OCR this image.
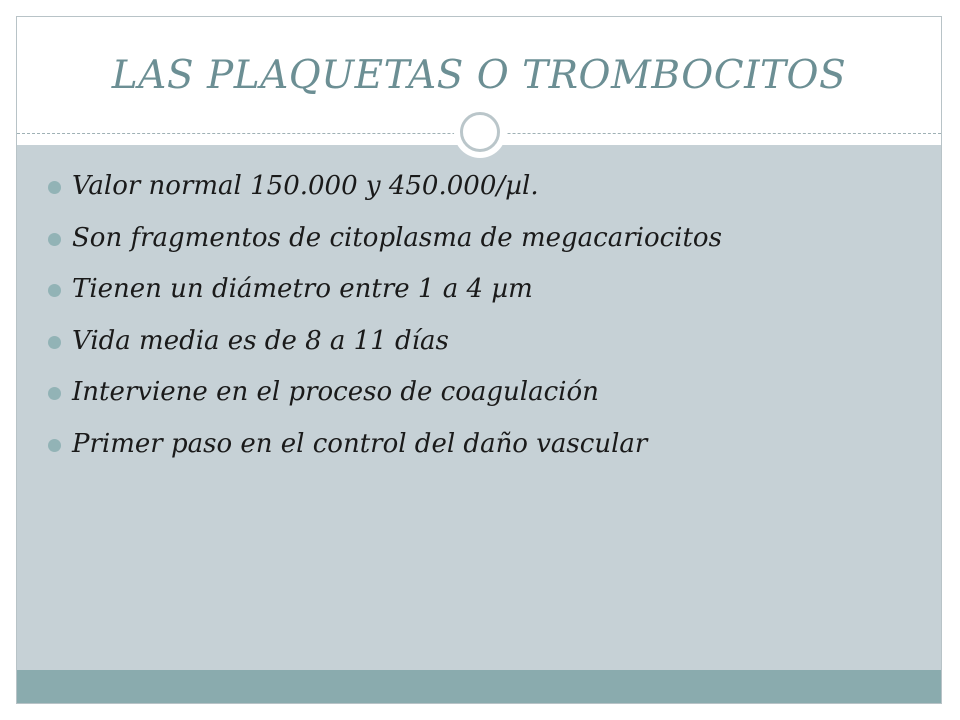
LAS PLAQUETAS O TROMBOCITOS
Valor normal 150.000 y 450.000/µl.
Son fragmentos de citoplasma de megacariocitos
Tienen un diámetro entre 1 a 4 µm
Vida media es de 8 a 11 días
Interviene en el proceso de coagulación
Primer paso en el control del daño vascular
